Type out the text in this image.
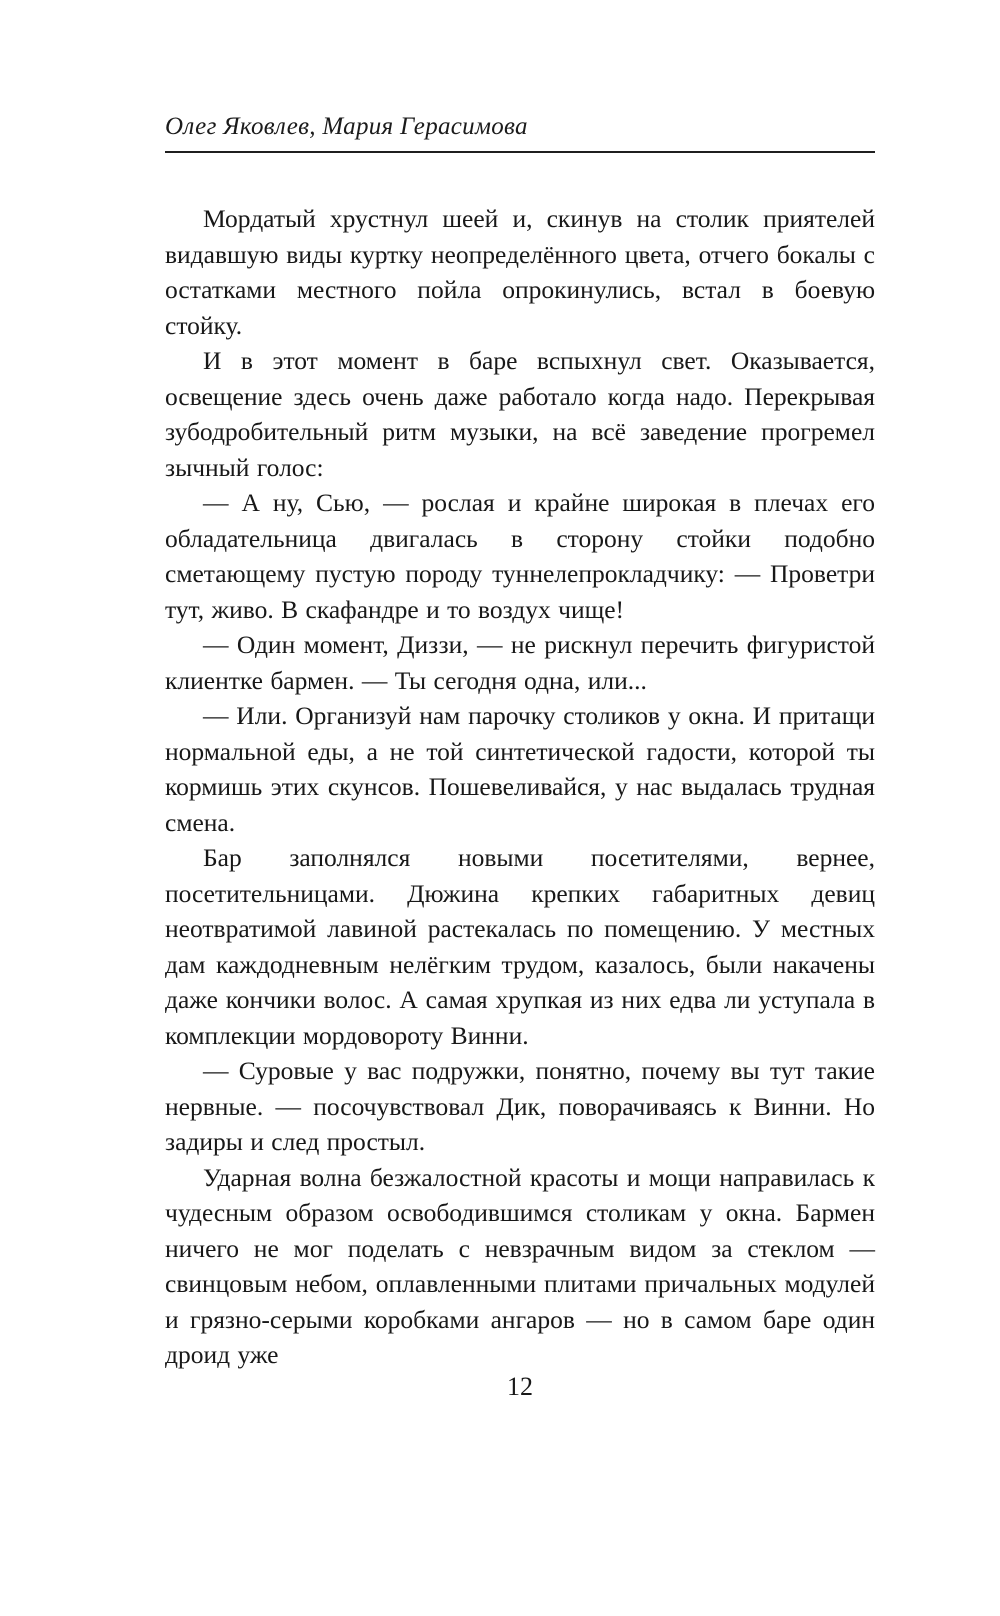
Олег Яковлев, Мария Герасимова

Мордатый хрустнул шеей и, скинув на столик приятелей видавшую виды куртку неопределённого цвета, отчего бокалы с остатками местного пойла опрокинулись, встал в боевую стойку.

И в этот момент в баре вспыхнул свет. Оказывается, освещение здесь очень даже работало когда надо. Перекрывая зубодробительный ритм музыки, на всё заведение прогремел зычный голос:

— А ну, Сью, — рослая и крайне широкая в плечах его обладательница двигалась в сторону стойки подобно сметающему пустую породу туннелепрокладчику: — Проветри тут, живо. В скафандре и то воздух чище!

— Один момент, Диззи, — не рискнул перечить фигуристой клиентке бармен. — Ты сегодня одна, или...

— Или. Организуй нам парочку столиков у окна. И притащи нормальной еды, а не той синтетической гадости, которой ты кормишь этих скунсов. Пошевеливайся, у нас выдалась трудная смена.

Бар заполнялся новыми посетителями, вернее, посетительницами. Дюжина крепких габаритных девиц неотвратимой лавиной растекалась по помещению. У местных дам каждодневным нелёгким трудом, казалось, были накачены даже кончики волос. А самая хрупкая из них едва ли уступала в комплекции мордовороту Винни.

— Суровые у вас подружки, понятно, почему вы тут такие нервные. — посочувствовал Дик, поворачиваясь к Винни. Но задиры и след простыл.

Ударная волна безжалостной красоты и мощи направилась к чудесным образом освободившимся столикам у окна. Бармен ничего не мог поделать с невзрачным видом за стеклом — свинцовым небом, оплавленными плитами причальных модулей и грязно-серыми коробками ангаров — но в самом баре один дроид уже

12
